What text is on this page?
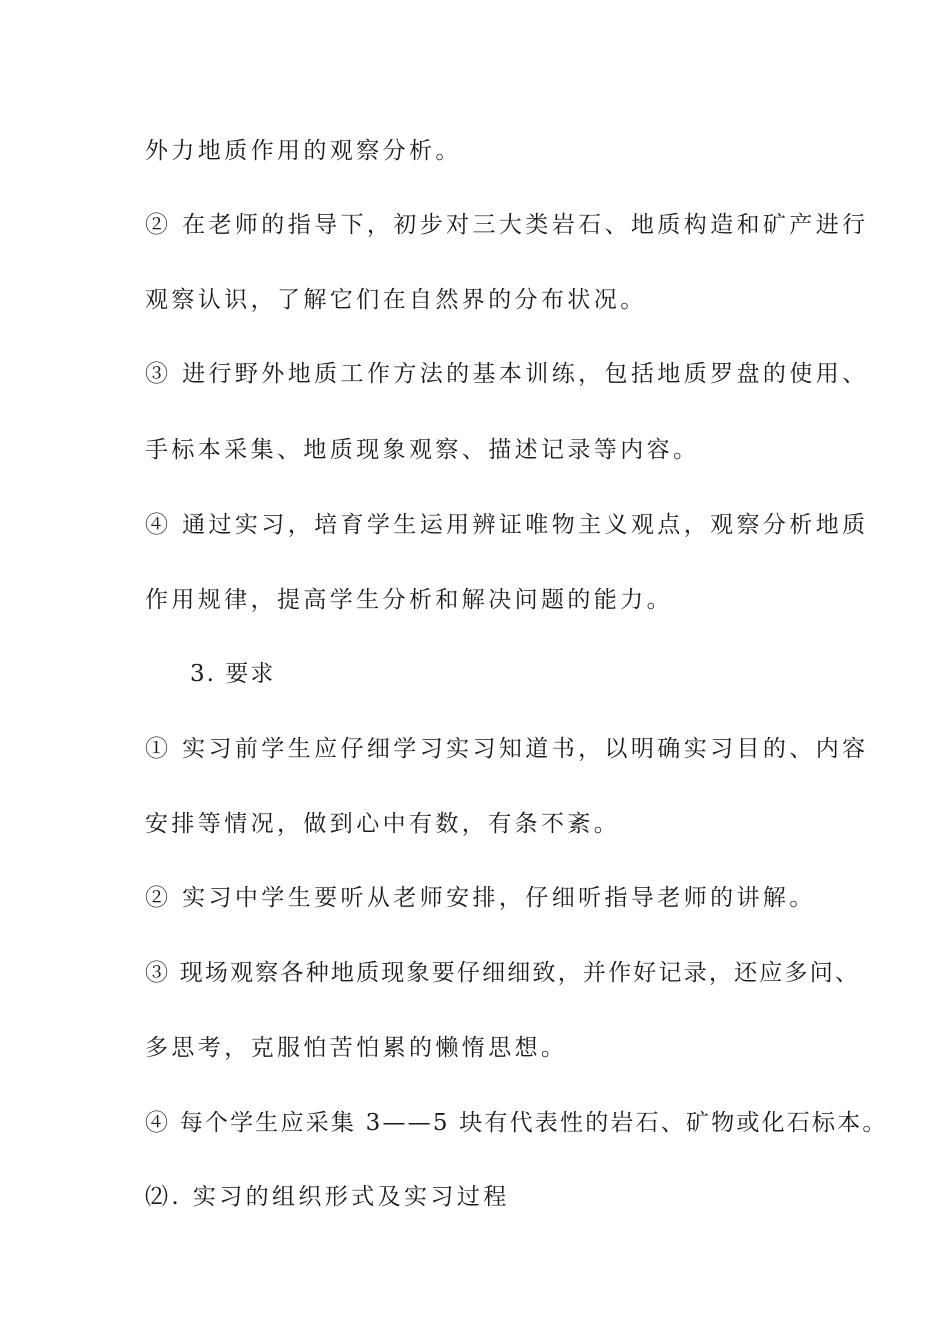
外力地质作用的观察分析。
② 在老师的指导下，初步对三大类岩石、地质构造和矿产进行
观察认识，了解它们在自然界的分布状况。
③ 进行野外地质工作方法的基本训练，包括地质罗盘的使用、
手标本采集、地质现象观察、描述记录等内容。
④ 通过实习，培育学生运用辨证唯物主义观点，观察分析地质
作用规律，提高学生分析和解决问题的能力。
3. 要求
① 实习前学生应仔细学习实习知道书，以明确实习目的、内容
安排等情况，做到心中有数，有条不紊。
② 实习中学生要听从老师安排，仔细听指导老师的讲解。
③ 现场观察各种地质现象要仔细细致，并作好记录，还应多问、
多思考，克服怕苦怕累的懒惰思想。
④ 每个学生应采集 3——5 块有代表性的岩石、矿物或化石标本。
⑵. 实习的组织形式及实习过程
